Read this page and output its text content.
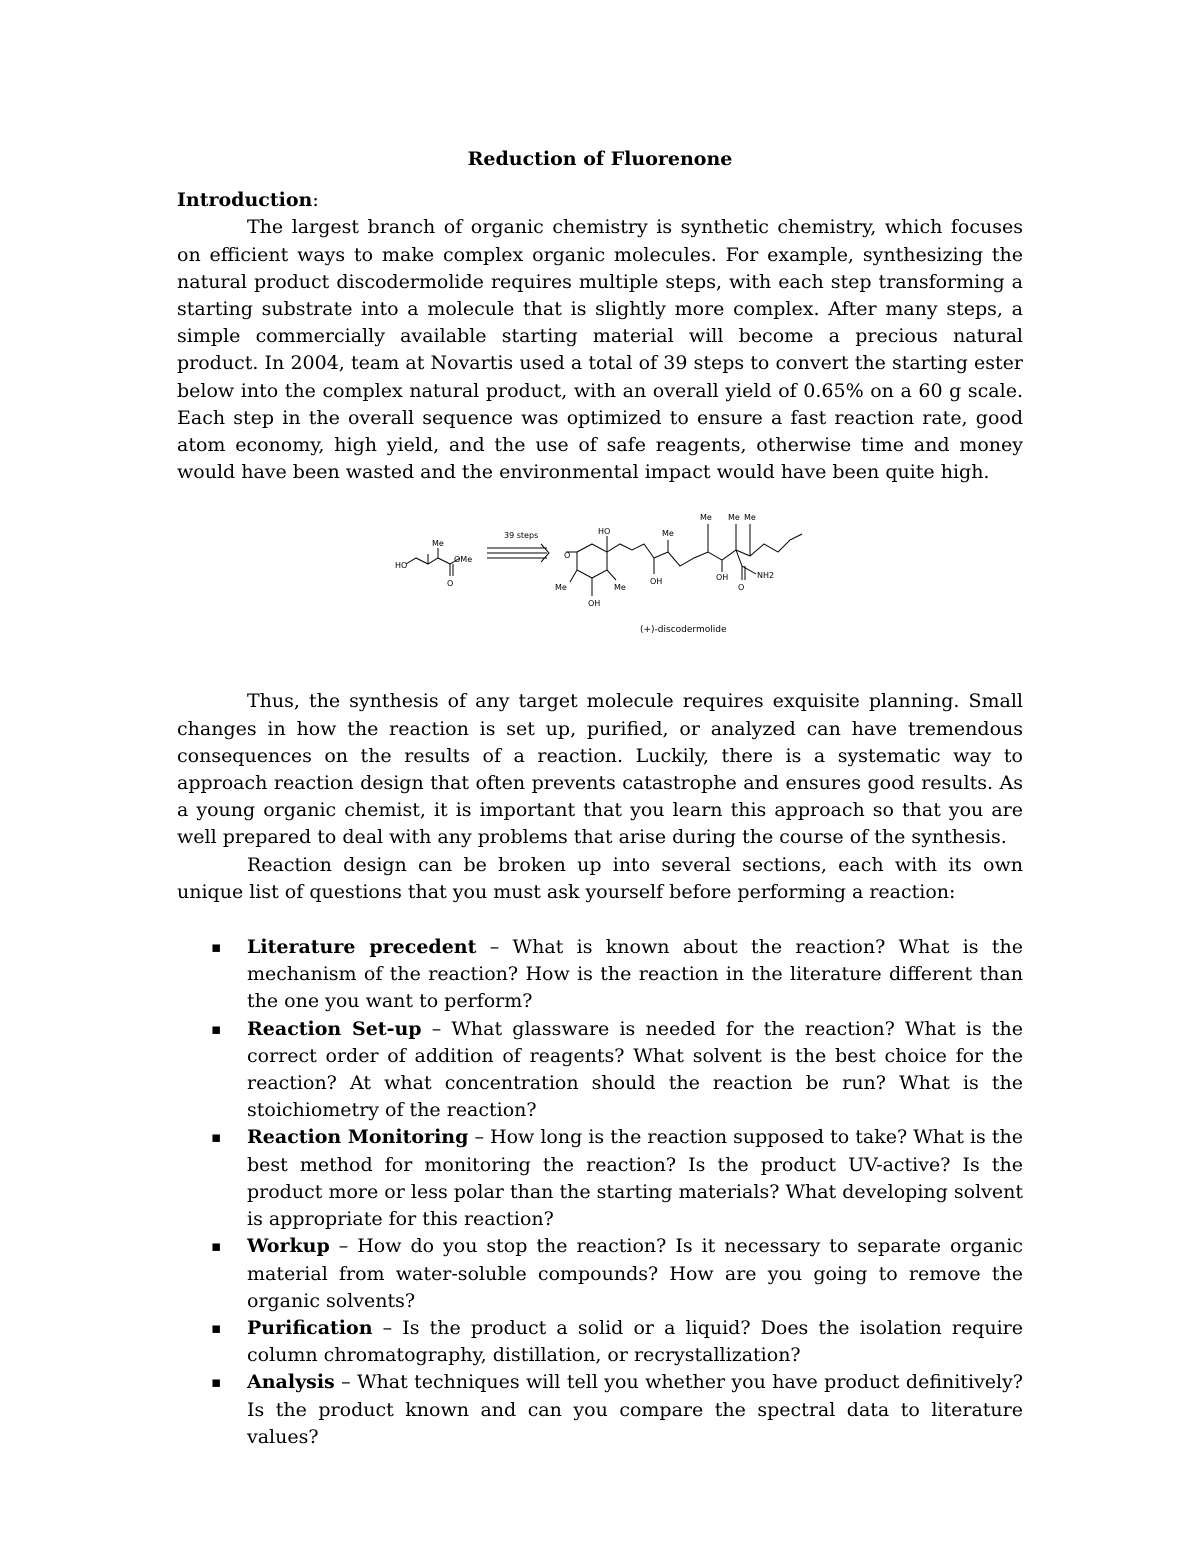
Reduction of Fluorenone

Introduction:

The largest branch of organic chemistry is synthetic chemistry, which focuses on efficient ways to make complex organic molecules. For example, synthesizing the natural product discodermolide requires multiple steps, with each step transforming a starting substrate into a molecule that is slightly more complex. After many steps, a simple commercially available starting material will become a precious natural product. In 2004, team at Novartis used a total of 39 steps to convert the starting ester below into the complex natural product, with an overall yield of 0.65% on a 60 g scale. Each step in the overall sequence was optimized to ensure a fast reaction rate, good atom economy, high yield, and the use of safe reagents, otherwise time and money would have been wasted and the environmental impact would have been quite high.

HO
Me
O
OMe
39 steps
O
Me
OH
Me
HO	Me
OH
Me
OH
Me Me
O
NH2
(+)-discodermolide

Thus, the synthesis of any target molecule requires exquisite planning. Small changes in how the reaction is set up, purified, or analyzed can have tremendous consequences on the results of a reaction. Luckily, there is a systematic way to approach reaction design that often prevents catastrophe and ensures good results. As a young organic chemist, it is important that you learn this approach so that you are well prepared to deal with any problems that arise during the course of the synthesis.

Reaction design can be broken up into several sections, each with its own unique list of questions that you must ask yourself before performing a reaction:

▪ Literature precedent – What is known about the reaction? What is the mechanism of the reaction? How is the reaction in the literature different than the one you want to perform?
▪ Reaction Set-up – What glassware is needed for the reaction? What is the correct order of addition of reagents? What solvent is the best choice for the reaction? At what concentration should the reaction be run? What is the stoichiometry of the reaction?
▪ Reaction Monitoring – How long is the reaction supposed to take? What is the best method for monitoring the reaction? Is the product UV-active? Is the product more or less polar than the starting materials? What developing solvent is appropriate for this reaction?
▪ Workup – How do you stop the reaction? Is it necessary to separate organic material from water-soluble compounds? How are you going to remove the organic solvents?
▪ Purification – Is the product a solid or a liquid? Does the isolation require column chromatography, distillation, or recrystallization?
▪ Analysis – What techniques will tell you whether you have product definitively? Is the product known and can you compare the spectral data to literature values?
